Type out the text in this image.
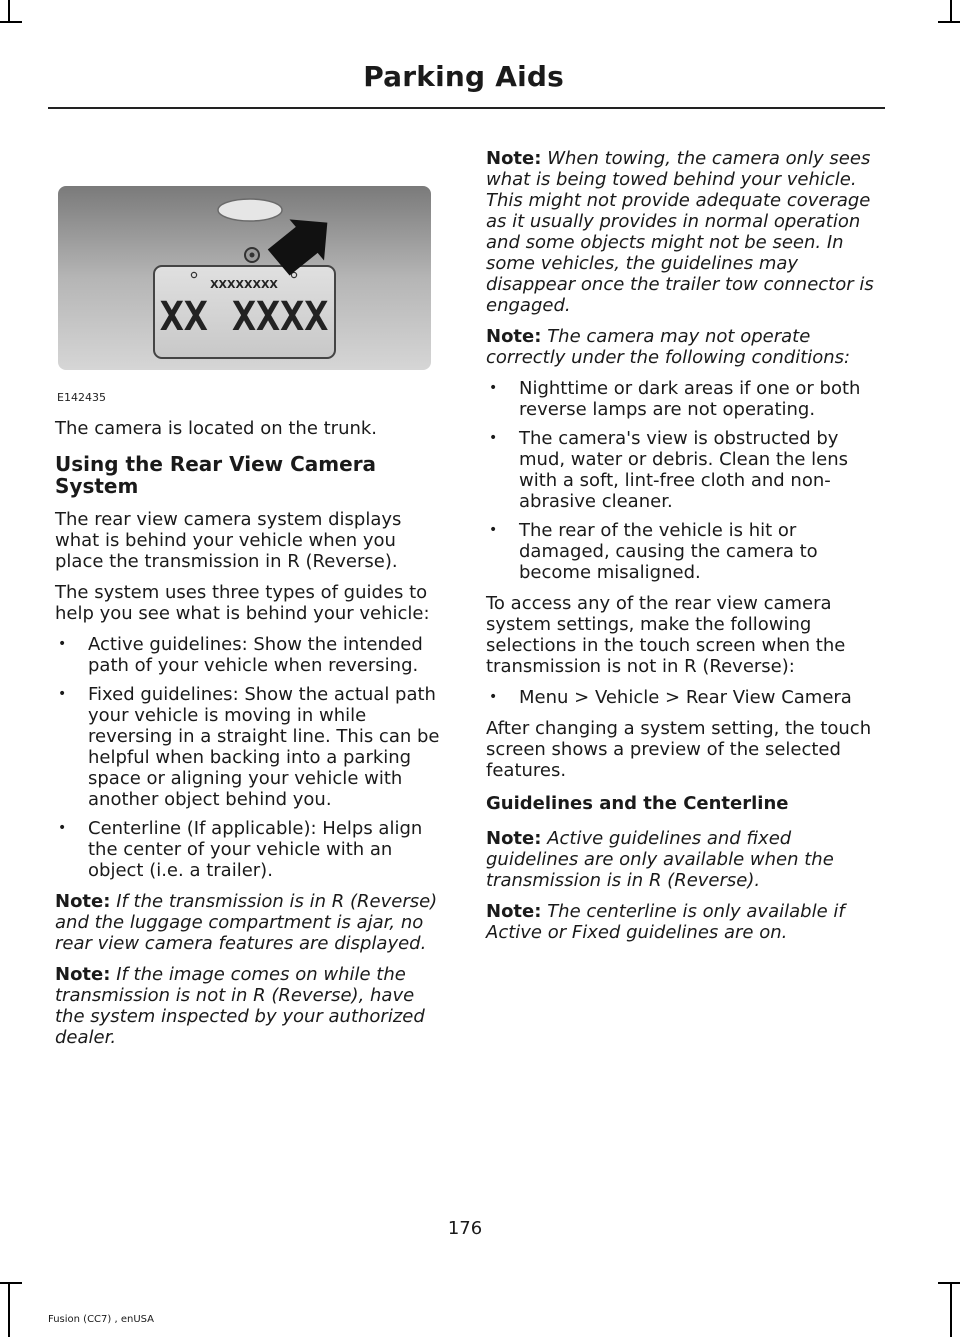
Parking Aids
XXXXXXXX
XX XXXX
E142435

The camera is located on the trunk.

Using the Rear View Camera System

The rear view camera system displays what is behind your vehicle when you place the transmission in R (Reverse).

The system uses three types of guides to help you see what is behind your vehicle:

• Active guidelines: Show the intended path of your vehicle when reversing.
• Fixed guidelines: Show the actual path your vehicle is moving in while reversing in a straight line. This can be helpful when backing into a parking space or aligning your vehicle with another object behind you.
• Centerline (If applicable): Helps align the center of your vehicle with an object (i.e. a trailer).

Note: If the transmission is in R (Reverse) and the luggage compartment is ajar, no rear view camera features are displayed.

Note: If the image comes on while the transmission is not in R (Reverse), have the system inspected by your authorized dealer.

Note: When towing, the camera only sees what is being towed behind your vehicle. This might not provide adequate coverage as it usually provides in normal operation and some objects might not be seen. In some vehicles, the guidelines may disappear once the trailer tow connector is engaged.

Note: The camera may not operate correctly under the following conditions:

• Nighttime or dark areas if one or both reverse lamps are not operating.
• The camera's view is obstructed by mud, water or debris. Clean the lens with a soft, lint-free cloth and non-abrasive cleaner.
• The rear of the vehicle is hit or damaged, causing the camera to become misaligned.

To access any of the rear view camera system settings, make the following selections in the touch screen when the transmission is not in R (Reverse):

• Menu > Vehicle > Rear View Camera

After changing a system setting, the touch screen shows a preview of the selected features.

Guidelines and the Centerline

Note: Active guidelines and fixed guidelines are only available when the transmission is in R (Reverse).

Note: The centerline is only available if Active or Fixed guidelines are on.

176
Fusion (CC7) , enUSA
